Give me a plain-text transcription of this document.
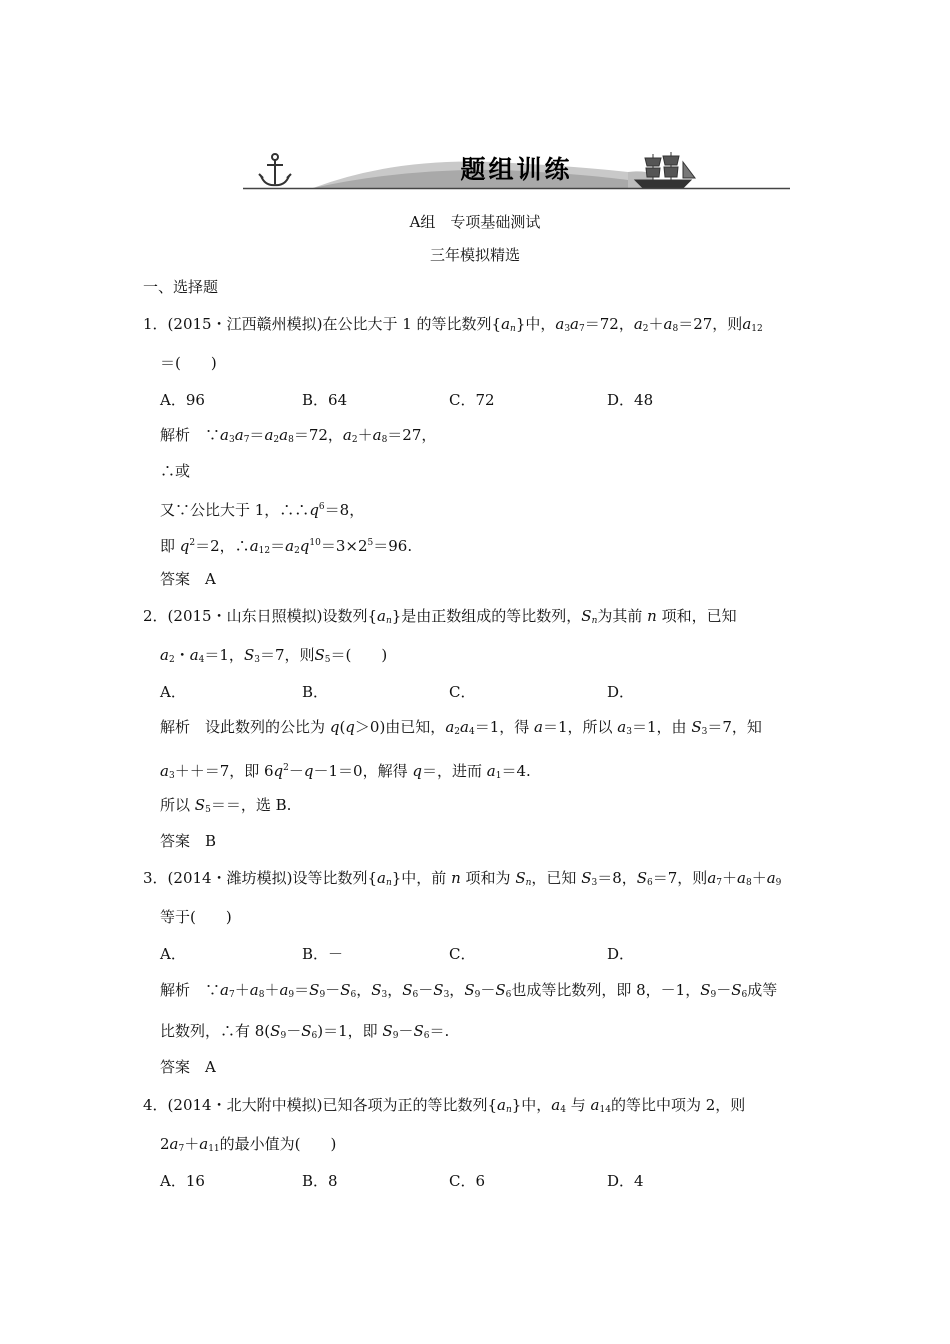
题组训练
A组　专项基础测试
三年模拟精选
一、选择题
1．(2015・江西赣州模拟)在公比大于 1 的等比数列$\{a_n\}$中，$a_3a_7=72$，$a_2+a_8=27$，则$a_{12}$
＝(　　)
A．96	B．64	C．72	D．48
解析　 $\because a_3a_7=a_2a_8=72$，$a_2+a_8=27$，
∴或
又∵公比大于 1，$\therefore\therefore q^6=8$，
即 $q^2=2$，$\therefore a_{12}=a_2q^{10}=3\times 2^5=96$.
答案　 A
2．(2015・山东日照模拟)设数列$\{a_n\}$是由正数组成的等比数列，$S_n$为其前 n 项和，已知
$a_2$・$a_4=1$，$S_3=7$，则$S_5=$(　　)
A．	B．	C．	D．
解析　 设此数列的公比为 q(q＞0)由已知，$a_2a_4=1$，得 a＝1，所以 $a_3=1$，由 $S_3=7$，知
$a_3++=7$，即 $6q^2-q-1=0$，解得 q＝，进而 $a_1=4$.
所以 $S_5==$，选 B.
答案　 B
3．(2014・潍坊模拟)设等比数列$\{a_n\}$中，前 n 项和为 $S_n$，已知 $S_3=8$，$S_6=7$，则$a_7+a_8+a_9$
等于(　　)
A．	B．－	C．	D．
解析　 $\because a_7+a_8+a_9=S_9-S_6$，$S_3$，$S_6-S_3$，$S_9-S_6$也成等比数列，即 8，－1，$S_9-S_6$成等
比数列，∴有 $8(S_9-S_6)=1$，即 $S_9-S_6=$.
答案　 A
4．(2014・北大附中模拟)已知各项为正的等比数列$\{a_n\}$中，$a_4$ 与 $a_{14}$的等比中项为 2，则
$2a_7+a_{11}$的最小值为(　　)
A．16	B．8	C．6	D．4
